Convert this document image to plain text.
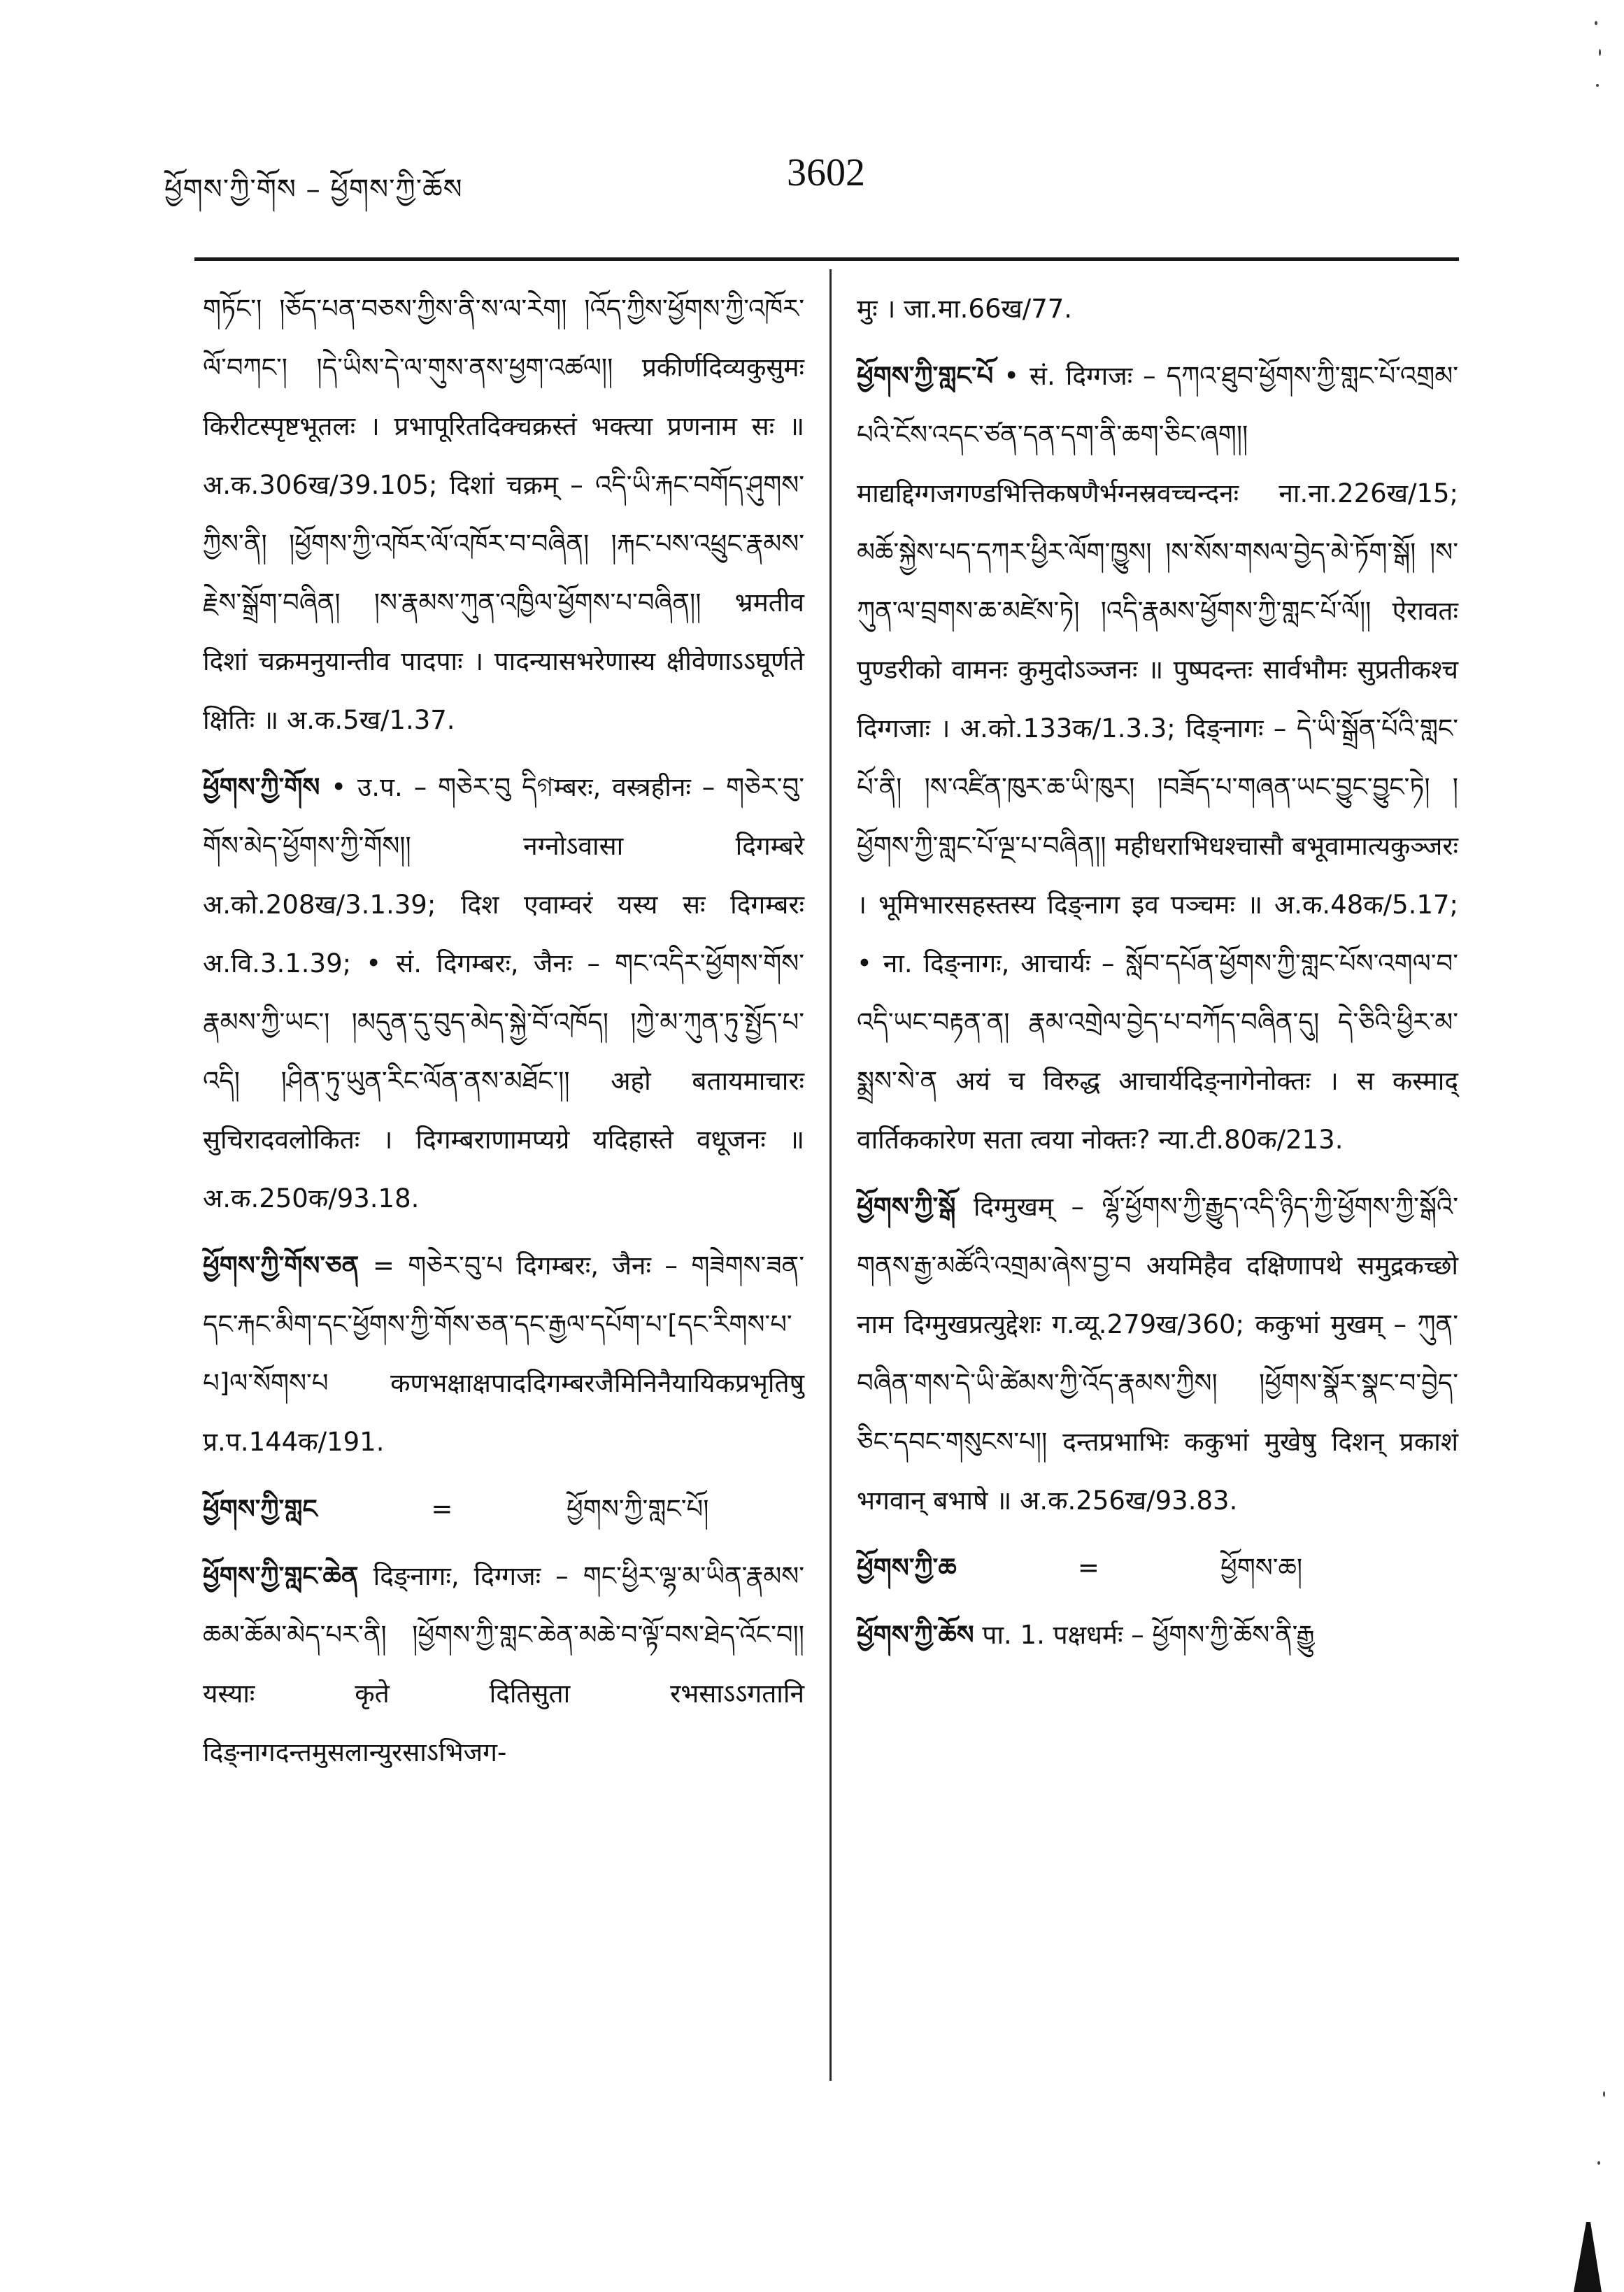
ཕྱོགས་ཀྱི་གོས – ཕྱོགས་ཀྱི་ཆོས	3602

གཏོང་། །ཅོད་པན་བཅས་ཀྱིས་ནི་ས་ལ་རེག། །འོད་ཀྱིས་ཕྱོགས་ཀྱི་འཁོར་ལོ་བཀང་། །དེ་ཡིས་དེ་ལ་གུས་ནས་ཕྱག་འཚལ།། प्रकीर्णदिव्यकुसुमः किरीटस्पृष्टभूतलः । प्रभापूरितदिक्चक्रस्तं भक्त्या प्रणनाम सः ॥ अ.क.306ख/39.105; दिशां चक्रम् – འདི་ཡི་རྐང་བགོད་ཤུགས་ཀྱིས་ནི། །ཕྱོགས་ཀྱི་འཁོར་ལོ་འཁོར་བ་བཞིན། །རྐང་པས་འཕྲུང་རྣམས་རྗེས་སྒྲོག་བཞིན། །ས་རྣམས་ཀུན་འཁྱིལ་ཕྱོགས་པ་བཞིན།། भ्रमतीव दिशां चक्रमनुयान्तीव पादपाः । पादन्यासभरेणास्य क्षीवेणाऽऽघूर्णते क्षितिः ॥ अ.क.5ख/1.37.

ཕྱོགས་ཀྱི་གོས • उ.प. – གཅེར་བུ དིগम्बरः, वस्त्रहीनः – གཅེར་བུ་གོས་མེད་ཕྱོགས་ཀྱི་གོས།། नग्नोऽवासा दिगम्बरे अ.को.208ख/3.1.39; दिश एवाम्वरं यस्य सः दिगम्बरः अ.वि.3.1.39; • सं. दिगम्बरः, जैनः – གང་འདིར་ཕྱོགས་གོས་རྣམས་ཀྱི་ཡང་། །མདུན་དུ་བུད་མེད་སྐྱེ་བོ་འཁོད། །ཀྱེ་མ་ཀུན་ཏུ་སྤྱོད་པ་འདི། །ཤིན་ཏུ་ཡུན་རིང་ལོན་ནས་མཐོང་།། अहो बतायमाचारः सुचिरादवलोकितः । दिगम्बराणामप्यग्रे यदिहास्ते वधूजनः ॥ अ.क.250क/93.18.

ཕྱོགས་ཀྱི་གོས་ཅན = གཅེར་བུ་པ दिगम्बरः, जैनः – གཟེགས་ཟན་དང་རྐང་མིག་དང་ཕྱོགས་ཀྱི་གོས་ཅན་དང་རྒྱལ་དཔོག་པ་[དང་རིགས་པ་པ]ལ་སོགས་པ कणभक्षाक्षपाददिगम्बरजैमिनिनैयायिकप्रभृतिषु प्र.प.144क/191.

ཕྱོགས་ཀྱི་གླང	=	ཕྱོགས་ཀྱི་གླང་པོ།

ཕྱོགས་ཀྱི་གླང་ཆེན दिङ्नागः, दिग्गजः – གང་ཕྱིར་ལྷ་མ་ཡིན་རྣམས་ཆམ་ཆོམ་མེད་པར་ནི། །ཕྱོགས་ཀྱི་གླང་ཆེན་མཆེ་བ་ལྟོ་བས་ཐེད་འོང་བ།། यस्याः कृते दितिसुता रभसाऽऽगतानि दिङ्नागदन्तमुसलान्युरसाऽभिजग-

मुः । जा.मा.66ख/77.

ཕྱོགས་ཀྱི་གླང་པོ • सं. दिग्गजः – དཀའ་ཐུབ་ཕྱོགས་ཀྱི་གླང་པོ་འགྲམ་པའི་ངོས་འདང་ཙན་དན་དག་ནི་ཆག་ཅིང་ཞག།། माद्यद्दिग्गजगण्डभित्तिकषणैर्भग्नस्रवच्चन्दनः ना.ना.226ख/15; མཆོ་སྐྱེས་པད་དཀར་ཕྱིར་ལོག་ཁྱུས། །ས་སོས་གསལ་བྱེད་མེ་ཏོག་སྒོ། །ས་ཀུན་ལ་བྲགས་ཆ་མཛེས་ཏེ། །འདི་རྣམས་ཕྱོགས་ཀྱི་གླང་པོ་ལོ།། ऐरावतः पुण्डरीको वामनः कुमुदोऽञ्जनः ॥ पुष्पदन्तः सार्वभौमः सुप्रतीकश्च दिग्गजाः । अ.को.133क/1.3.3; दिङ्नागः – དེ་ཡི་སྒྲོན་པོའི་གླང་པོ་ནི། །ས་འཛིན་ཁུར་ཆ་ཡི་ཁུར། །བཟོད་པ་གཞན་ཡང་བྱུང་བྱུང་ཏེ། །ཕྱོགས་ཀྱི་གླང་པོ་ལྔ་པ་བཞིན།། महीधराभिधश्चासौ बभूवामात्यकुञ्जरः । भूमिभारसहस्तस्य दिङ्नाग इव पञ्चमः ॥ अ.क.48क/5.17; • ना. दिङ्नागः, आचार्यः – སློབ་དཔོན་ཕྱོགས་ཀྱི་གླང་པོས་འགལ་བ་འདི་ཡང་བརྟན་ན། རྣམ་འགྲེལ་བྱེད་པ་བཀོད་བཞིན་དུ། དེ་ཅིའི་ཕྱིར་མ་སྨྲས་སེ་ན अयं च विरुद्ध आचार्यदिङ्नागेनोक्तः । स कस्माद् वार्तिककारेण सता त्वया नोक्तः? न्या.टी.80क/213.

ཕྱོགས་ཀྱི་སྒོ दिग्मुखम् – ལྷོ་ཕྱོགས་ཀྱི་རྒྱུད་འདི་ཉིད་ཀྱི་ཕྱོགས་ཀྱི་སྒོའི་གནས་རྒྱ་མཚོའི་འགྲམ་ཞེས་བྱ་བ अयमिहैव दक्षिणापथे समुद्रकच्छो नाम दिग्मुखप्रत्युद्देशः ग.व्यू.279ख/360; ककुभां मुखम् – ཀུན་བཞིན་གས་དེ་ཡི་ཚེམས་ཀྱི་འོད་རྣམས་ཀྱིས། །ཕྱོགས་སྣོར་སྣང་བ་བྱེད་ཅིང་དབང་གསུངས་པ།། दन्तप्रभाभिः ककुभां मुखेषु दिशन् प्रकाशं भगवान् बभाषे ॥ अ.क.256ख/93.83.

ཕྱོགས་ཀྱི་ཆ	=	ཕྱོགས་ཆ།

ཕྱོགས་ཀྱི་ཆོས पा. 1. पक्षधर्मः – ཕྱོགས་ཀྱི་ཆོས་ནི་རྒྱུ
